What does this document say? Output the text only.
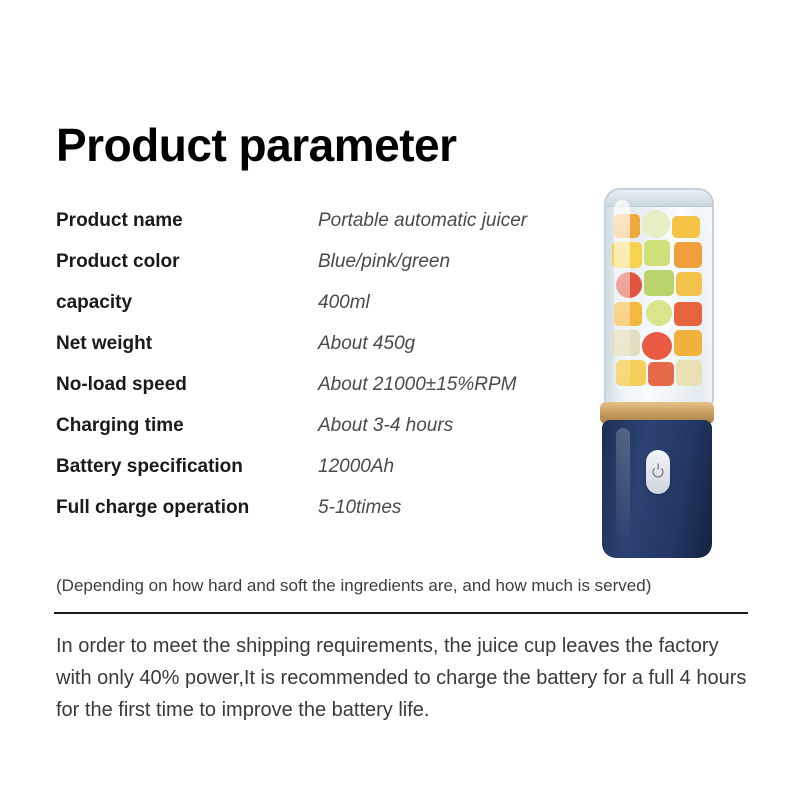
Product parameter
Product name	Portable automatic juicer
Product color	Blue/pink/green
capacity	400ml
Net weight	About 450g
No-load speed	About 21000±15%RPM
Charging time	About 3-4 hours
Battery specification	12000Ah
Full charge operation	5-10times
(Depending on how hard and soft the ingredients are, and how much is served)
In order to meet the shipping requirements, the juice cup leaves the factory with only 40% power,It is recommended to charge the battery for a full 4 hours for the first time to improve the battery life.
